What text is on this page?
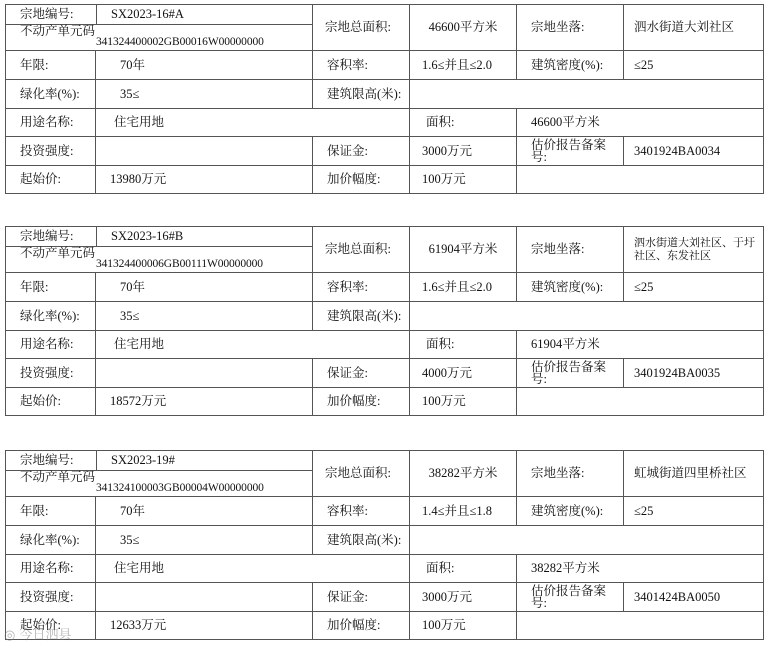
宗地编号: SX2023-16#A
不动产单元码
341324400002GB00016W00000000		宗地总面积:	46600平方米	宗地坐落:	泗水街道大刘社区

年限:	70年	容积率:	1.6≤并且≤2.0	建筑密度(%):	≤25
绿化率(%):	35≤	建筑限高(米):			
用途名称:	住宅用地		面积:	46600平方米	
投资强度:		保证金:	3000万元	估价报告备案号:	3401924BA0034
起始价:	13980万元	加价幅度:	100万元		
宗地编号: SX2023-16#B
不动产单元码
341324400006GB00111W00000000		宗地总面积:	61904平方米	宗地坐落:	泗水街道大刘社区、于圩社区、东发社区

年限:	70年	容积率:	1.6≤并且≤2.0	建筑密度(%):	≤25
绿化率(%):	35≤	建筑限高(米):			
用途名称:	住宅用地		面积:	61904平方米	
投资强度:		保证金:	4000万元	估价报告备案号:	3401924BA0035
起始价:	18572万元	加价幅度:	100万元		
宗地编号: SX2023-19#
不动产单元码
341324100003GB00004W00000000		宗地总面积:	38282平方米	宗地坐落:	虹城街道四里桥社区

年限:	70年	容积率:	1.4≤并且≤1.8	建筑密度(%):	≤25
绿化率(%):	35≤	建筑限高(米):			
用途名称:	住宅用地		面积:	38282平方米	
投资强度:		保证金:	3000万元	估价报告备案号:	3401424BA0050
起始价:	12633万元	加价幅度:	100万元		
◎ 今日泗县
